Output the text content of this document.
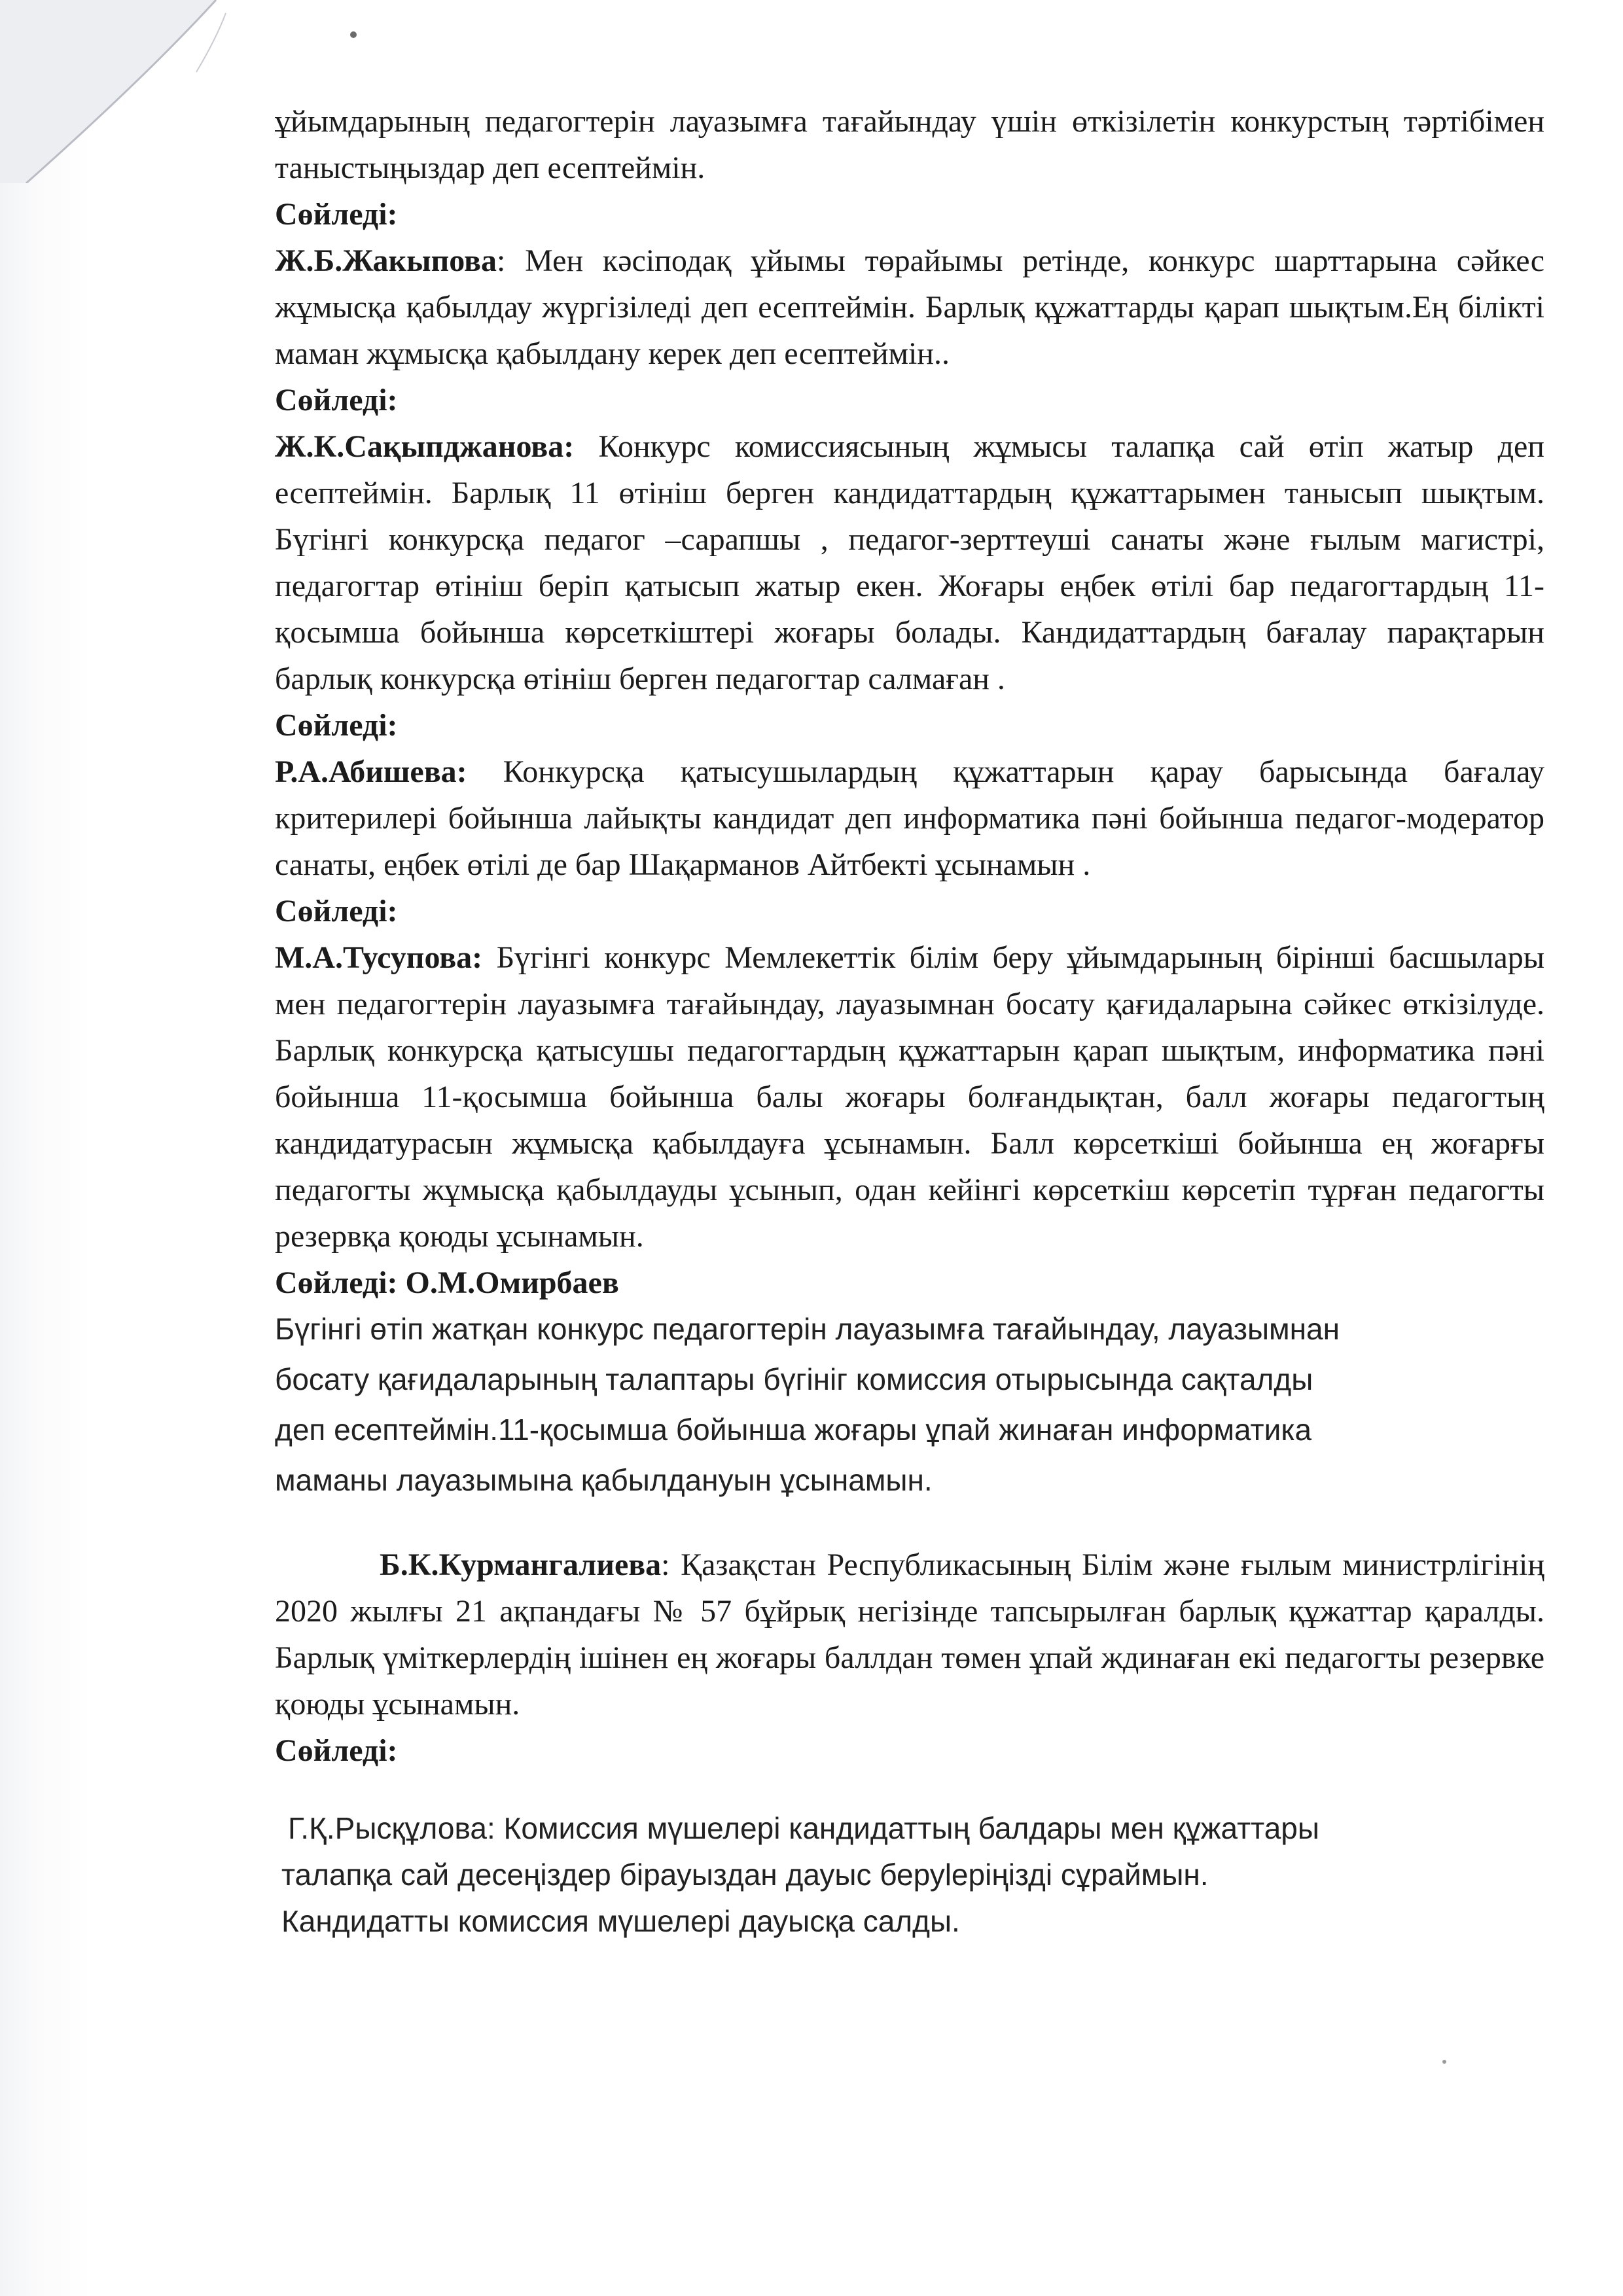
ұйымдарының педагогтерін лауазымға тағайындау үшін өткізілетін конкурстың тәртібімен таныстыңыздар деп есептеймін.

Сөйледі:

Ж.Б.Жакыпова: Мен кәсіподақ ұйымы төрайымы ретінде, конкурс шарттарына сәйкес жұмысқа қабылдау жүргізіледі деп есептеймін. Барлық құжаттарды қарап шықтым.Ең білікті маман жұмысқа қабылдану керек деп есептеймін..

Сөйледі:

Ж.К.Сақыпджанова: Конкурс комиссиясының жұмысы талапқа сай өтіп жатыр деп есептеймін. Барлық 11 өтініш берген кандидаттардың құжаттарымен танысып шықтым. Бүгінгі конкурсқа педагог –сарапшы , педагог-зерттеуші санаты және ғылым магистрі, педагогтар өтініш беріп қатысып жатыр екен. Жоғары еңбек өтілі бар педагогтардың 11-қосымша бойынша көрсеткіштері жоғары болады. Кандидаттардың бағалау парақтарын барлық конкурсқа өтініш берген педагогтар салмаған .

Сөйледі:

Р.А.Абишева: Конкурсқа қатысушылардың құжаттарын қарау барысында бағалау критерилері бойынша лайықты кандидат деп информатика пәні бойынша педагог-модератор санаты, еңбек өтілі де бар Шақарманов Айтбекті ұсынамын .

Сөйледі:

М.А.Тусупова: Бүгінгі конкурс Мемлекеттік білім беру ұйымдарының бірінші басшылары мен педагогтерін лауазымға тағайындау, лауазымнан босату қағидаларына сәйкес өткізілуде. Барлық конкурсқа қатысушы педагогтардың құжаттарын қарап шықтым, информатика пәні бойынша 11-қосымша бойынша балы жоғары болғандықтан, балл жоғары педагогтың кандидатурасын жұмысқа қабылдауға ұсынамын. Балл көрсеткіші бойынша ең жоғарғы педагогты жұмысқа қабылдауды ұсынып, одан кейінгі көрсеткіш көрсетіп тұрған педагогты резервқа қоюды ұсынамын.

Сөйледі: О.М.Омирбаев

Бүгінгі өтіп жатқан конкурс педагогтерін лауазымға тағайындау, лауазымнан
босату қағидаларының талаптары бүгініг комиссия отырысында сақталды
деп есептеймін.11-қосымша бойынша жоғары ұпай жинаған информатика
маманы лауазымына қабылдануын ұсынамын.

Б.К.Курмангалиева: Қазақстан Республикасының Білім және ғылым министрлігінің 2020 жылғы 21 ақпандағы № 57 бұйрық негізінде тапсырылған барлық құжаттар қаралды. Барлық үміткерлердің ішінен ең жоғары баллдан төмен ұпай ждинаған екі педагогты резервке қоюды ұсынамын.

Сөйледі:

Г.Қ.Рысқұлова: Комиссия мүшелері кандидаттың балдары мен құжаттары
талапқа сай десеңіздер бірауыздан дауыс беруleріңізді сұраймын.
Кандидатты комиссия мүшелері дауысқа салды.
